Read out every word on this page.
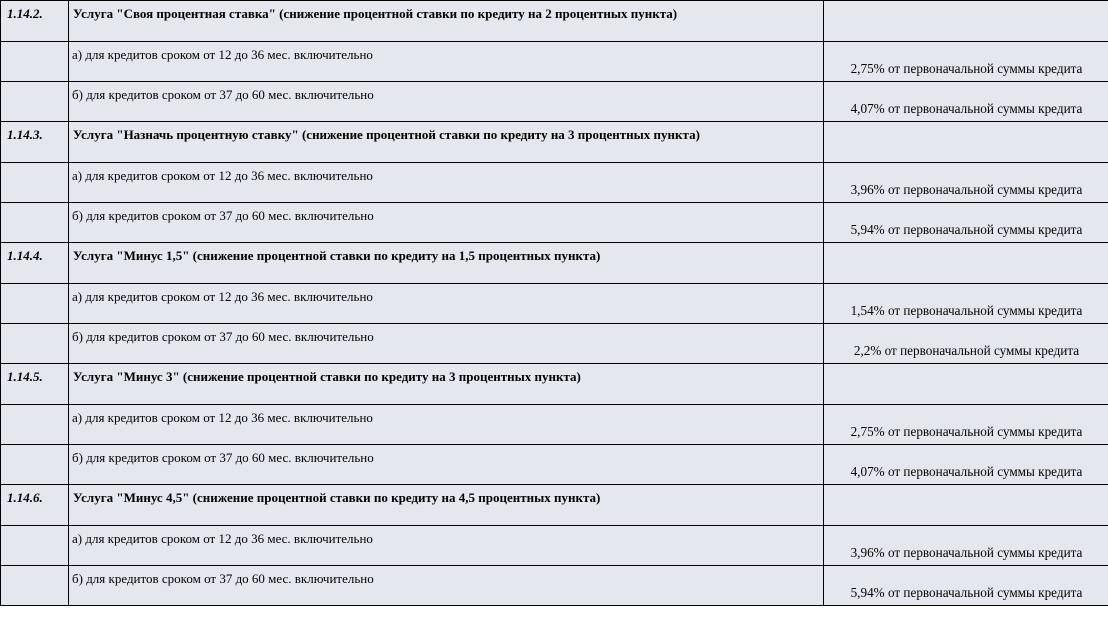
1.14.2.	Услуга "Своя процентная ставка" (снижение процентной ставки по кредиту на 2 процентных пункта)	
	а) для кредитов сроком от 12 до 36 мес. включительно	2,75% от первоначальной суммы кредита
	б) для кредитов сроком от 37 до 60 мес. включительно	4,07% от первоначальной суммы кредита
1.14.3.	Услуга "Назначь процентную ставку" (снижение процентной ставки по кредиту на 3 процентных пункта)	
	а) для кредитов сроком от 12 до 36 мес. включительно	3,96% от первоначальной суммы кредита
	б) для кредитов сроком от 37 до 60 мес. включительно	5,94% от первоначальной суммы кредита
1.14.4.	Услуга "Минус 1,5" (снижение процентной ставки по кредиту на 1,5 процентных пункта)	
	а) для кредитов сроком от 12 до 36 мес. включительно	1,54% от первоначальной суммы кредита
	б) для кредитов сроком от 37 до 60 мес. включительно	2,2% от первоначальной суммы кредита
1.14.5.	Услуга "Минус 3" (снижение процентной ставки по кредиту на 3 процентных пункта)	
	а) для кредитов сроком от 12 до 36 мес. включительно	2,75% от первоначальной суммы кредита
	б) для кредитов сроком от 37 до 60 мес. включительно	4,07% от первоначальной суммы кредита
1.14.6.	Услуга "Минус 4,5" (снижение процентной ставки по кредиту на 4,5 процентных пункта)	
	а) для кредитов сроком от 12 до 36 мес. включительно	3,96% от первоначальной суммы кредита
	б) для кредитов сроком от 37 до 60 мес. включительно	5,94% от первоначальной суммы кредита
